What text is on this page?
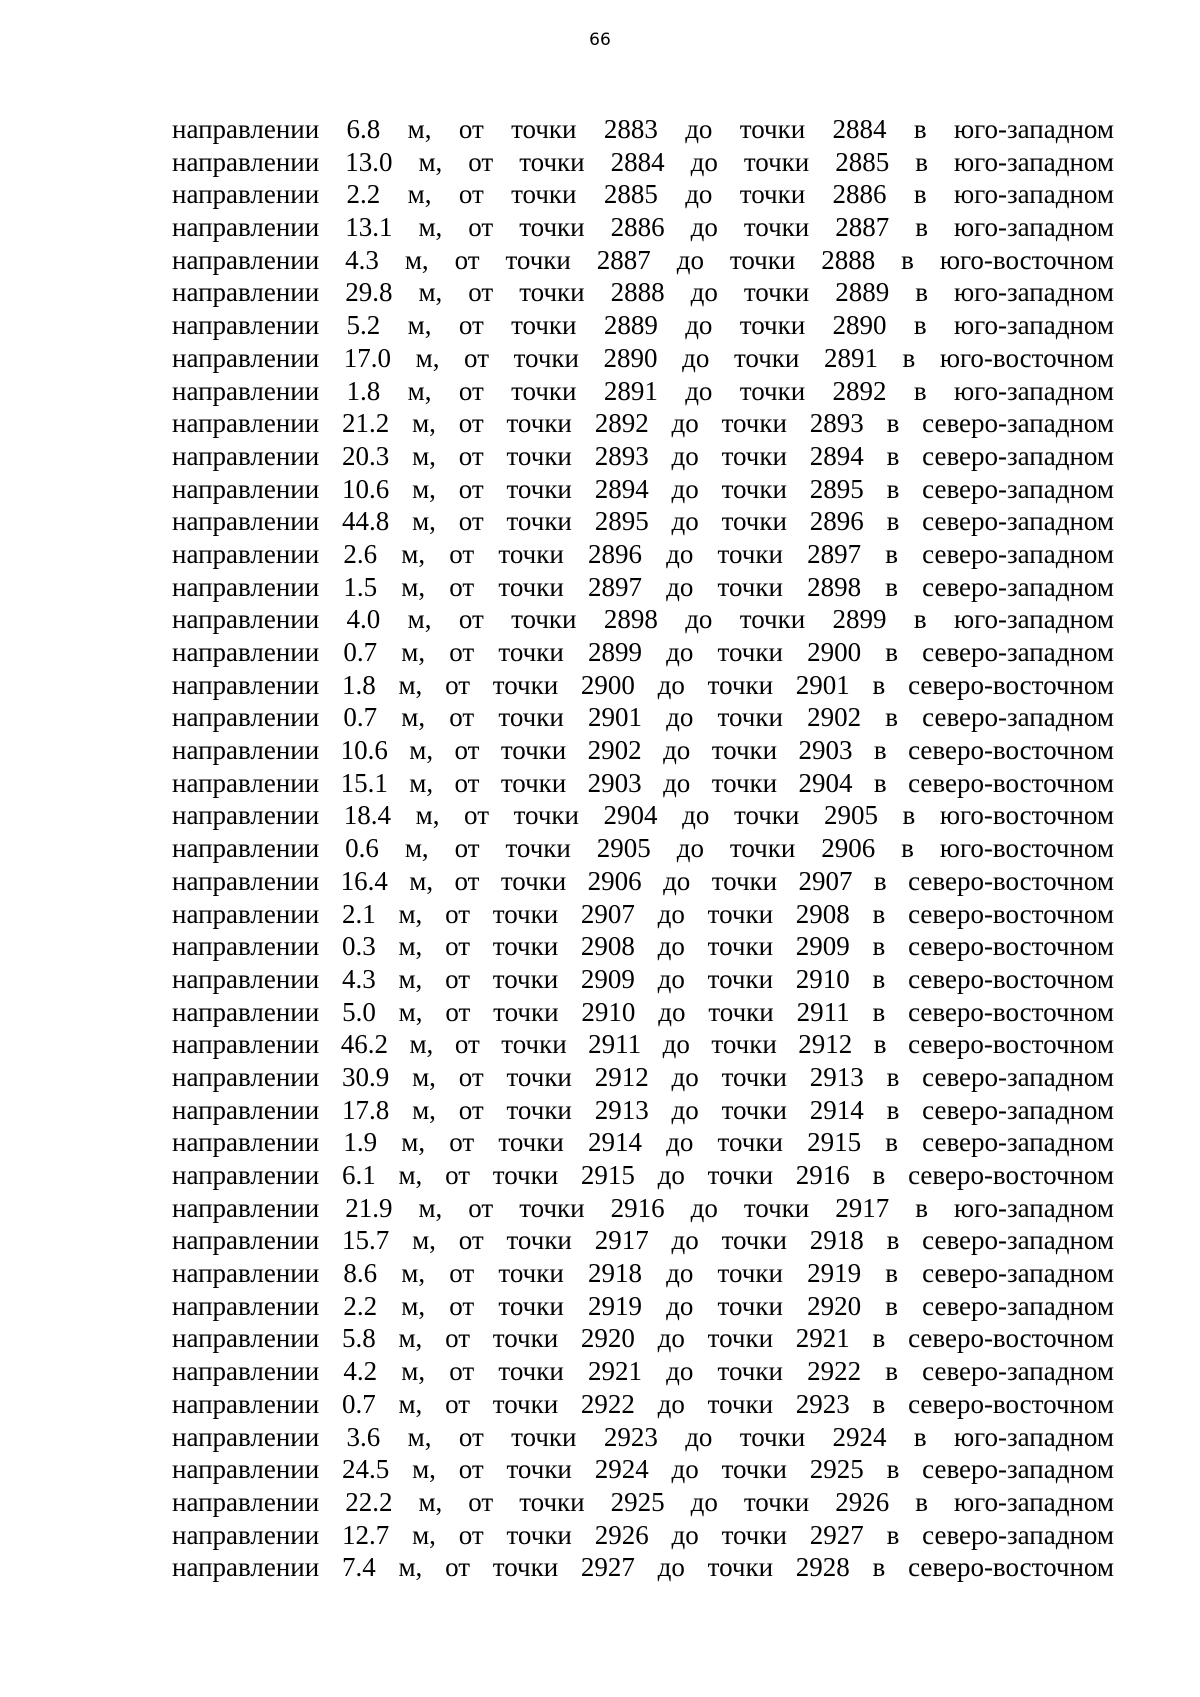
66
направлении 6.8 м, от точки 2883 до точки 2884 в юго-западном
направлении 13.0 м, от точки 2884 до точки 2885 в юго-западном
направлении 2.2 м, от точки 2885 до точки 2886 в юго-западном
направлении 13.1 м, от точки 2886 до точки 2887 в юго-западном
направлении 4.3 м, от точки 2887 до точки 2888 в юго-восточном
направлении 29.8 м, от точки 2888 до точки 2889 в юго-западном
направлении 5.2 м, от точки 2889 до точки 2890 в юго-западном
направлении 17.0 м, от точки 2890 до точки 2891 в юго-восточном
направлении 1.8 м, от точки 2891 до точки 2892 в юго-западном
направлении 21.2 м, от точки 2892 до точки 2893 в северо-западном
направлении 20.3 м, от точки 2893 до точки 2894 в северо-западном
направлении 10.6 м, от точки 2894 до точки 2895 в северо-западном
направлении 44.8 м, от точки 2895 до точки 2896 в северо-западном
направлении 2.6 м, от точки 2896 до точки 2897 в северо-западном
направлении 1.5 м, от точки 2897 до точки 2898 в северо-западном
направлении 4.0 м, от точки 2898 до точки 2899 в юго-западном
направлении 0.7 м, от точки 2899 до точки 2900 в северо-западном
направлении 1.8 м, от точки 2900 до точки 2901 в северо-восточном
направлении 0.7 м, от точки 2901 до точки 2902 в северо-западном
направлении 10.6 м, от точки 2902 до точки 2903 в северо-восточном
направлении 15.1 м, от точки 2903 до точки 2904 в северо-восточном
направлении 18.4 м, от точки 2904 до точки 2905 в юго-восточном
направлении 0.6 м, от точки 2905 до точки 2906 в юго-восточном
направлении 16.4 м, от точки 2906 до точки 2907 в северо-восточном
направлении 2.1 м, от точки 2907 до точки 2908 в северо-восточном
направлении 0.3 м, от точки 2908 до точки 2909 в северо-восточном
направлении 4.3 м, от точки 2909 до точки 2910 в северо-восточном
направлении 5.0 м, от точки 2910 до точки 2911 в северо-восточном
направлении 46.2 м, от точки 2911 до точки 2912 в северо-восточном
направлении 30.9 м, от точки 2912 до точки 2913 в северо-западном
направлении 17.8 м, от точки 2913 до точки 2914 в северо-западном
направлении 1.9 м, от точки 2914 до точки 2915 в северо-западном
направлении 6.1 м, от точки 2915 до точки 2916 в северо-восточном
направлении 21.9 м, от точки 2916 до точки 2917 в юго-западном
направлении 15.7 м, от точки 2917 до точки 2918 в северо-западном
направлении 8.6 м, от точки 2918 до точки 2919 в северо-западном
направлении 2.2 м, от точки 2919 до точки 2920 в северо-западном
направлении 5.8 м, от точки 2920 до точки 2921 в северо-восточном
направлении 4.2 м, от точки 2921 до точки 2922 в северо-западном
направлении 0.7 м, от точки 2922 до точки 2923 в северо-восточном
направлении 3.6 м, от точки 2923 до точки 2924 в юго-западном
направлении 24.5 м, от точки 2924 до точки 2925 в северо-западном
направлении 22.2 м, от точки 2925 до точки 2926 в юго-западном
направлении 12.7 м, от точки 2926 до точки 2927 в северо-западном
направлении 7.4 м, от точки 2927 до точки 2928 в северо-восточном
